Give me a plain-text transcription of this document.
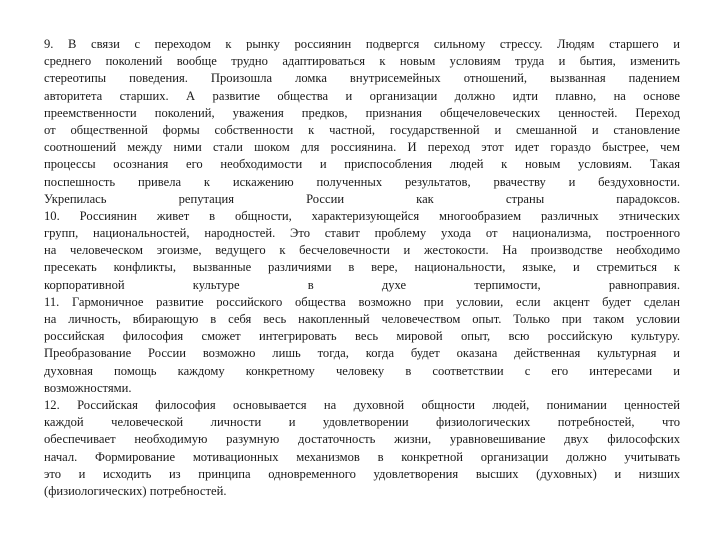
9. В связи с переходом к рынку россиянин подвергся сильному стрессу. Людям старшего и
среднего поколений вообще трудно адаптироваться к новым условиям труда и бытия, изменить
стереотипы поведения. Произошла ломка внутрисемейных отношений, вызванная падением
авторитета старших. А развитие общества и организации должно идти плавно, на основе
преемственности поколений, уважения предков, признания общечеловеческих ценностей. Переход
от общественной формы собственности к частной, государственной и смешанной и становление
соотношений между ними стали шоком для россиянина. И переход этот идет гораздо быстрее, чем
процессы осознания его необходимости и приспособления людей к новым условиям. Такая
поспешность привела к искажению полученных результатов, рвачеству и бездуховности.
Укрепилась репутация России как страны парадоксов.
10. Россиянин живет в общности, характеризующейся многообразием различных этнических
групп, национальностей, народностей. Это ставит проблему ухода от национализма, построенного
на человеческом эгоизме, ведущего к бесчеловечности и жестокости. На производстве необходимо
пресекать конфликты, вызванные различиями в вере, национальности, языке, и стремиться к
корпоративной культуре в духе терпимости, равноправия.
11. Гармоничное развитие российского общества возможно при условии, если акцент будет сделан
на личность, вбирающую в себя весь накопленный человечеством опыт. Только при таком условии
российская философия сможет интегрировать весь мировой опыт, всю российскую культуру.
Преобразование России возможно лишь тогда, когда будет оказана действенная культурная и
духовная помощь каждому конкретному человеку в соответствии с его интересами и
возможностями.
12. Российская философия основывается на духовной общности людей, понимании ценностей
каждой человеческой личности и удовлетворении физиологических потребностей, что
обеспечивает необходимую разумную достаточность жизни, уравновешивание двух философских
начал. Формирование мотивационных механизмов в конкретной организации должно учитывать
это и исходить из принципа одновременного удовлетворения высших (духовных) и низших
(физиологических) потребностей.
